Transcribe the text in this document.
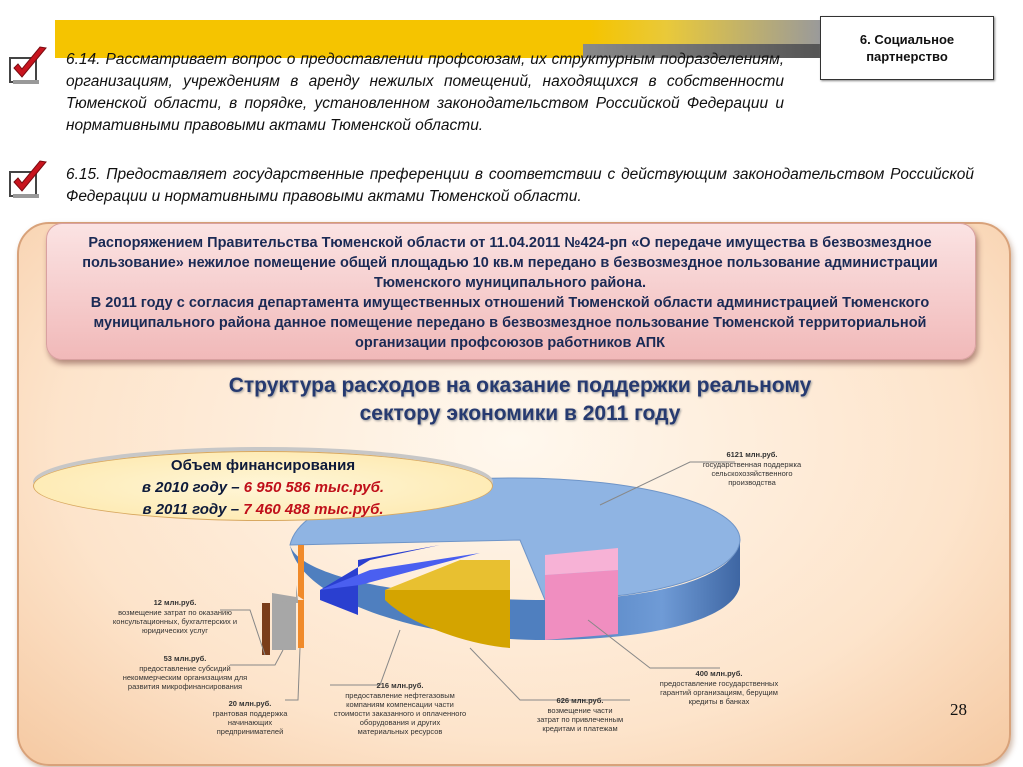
6. Социальное партнерство
6.14. Рассматривает вопрос о предоставлении профсоюзам, их структурным подразделениям, организациям, учреждениям в аренду нежилых помещений, находящихся в собственности Тюменской области, в порядке, установленном законодательством Российской Федерации и нормативными правовыми актами Тюменской области.
6.15. Предоставляет государственные преференции в соответствии с действующим законодательством Российской Федерации и нормативными правовыми актами Тюменской области.
Распоряжением Правительства Тюменской области от 11.04.2011 №424-рп «О передаче имущества в безвозмездное пользование» нежилое помещение общей площадью 10 кв.м передано в безвозмездное пользование администрации Тюменского муниципального района.
В 2011 году с согласия департамента имущественных отношений Тюменской области администрацией Тюменского муниципального района данное помещение передано в безвозмездное пользование Тюменской территориальной организации профсоюзов работников АПК
Структура расходов на оказание поддержки реальному сектору экономики в 2011 году
6121 млн.руб.
государственная поддержка
сельскохозяйственного
производства
400 млн.руб.
предоставление государственных
гарантий организациям, берущим
кредиты в банках
626 млн.руб.
возмещение части
затрат по привлеченным
кредитам и платежам
216 млн.руб.
предоставление нефтегазовым
компаниям компенсации части
стоимости заказанного и оплаченного
оборудования и других
материальных ресурсов
20 млн.руб.
грантовая поддержка
начинающих
предпринимателей
53 млн.руб.
предоставление субсидий
некоммерческим организациям для
развития микрофинансирования
12 млн.руб.
возмещение затрат по оказанию
консультационных, бухгалтерских и
юридических услуг
Объем финансирования
в 2010 году – 6 950 586 тыс.руб.
в 2011 году – 7 460 488 тыс.руб.
28
